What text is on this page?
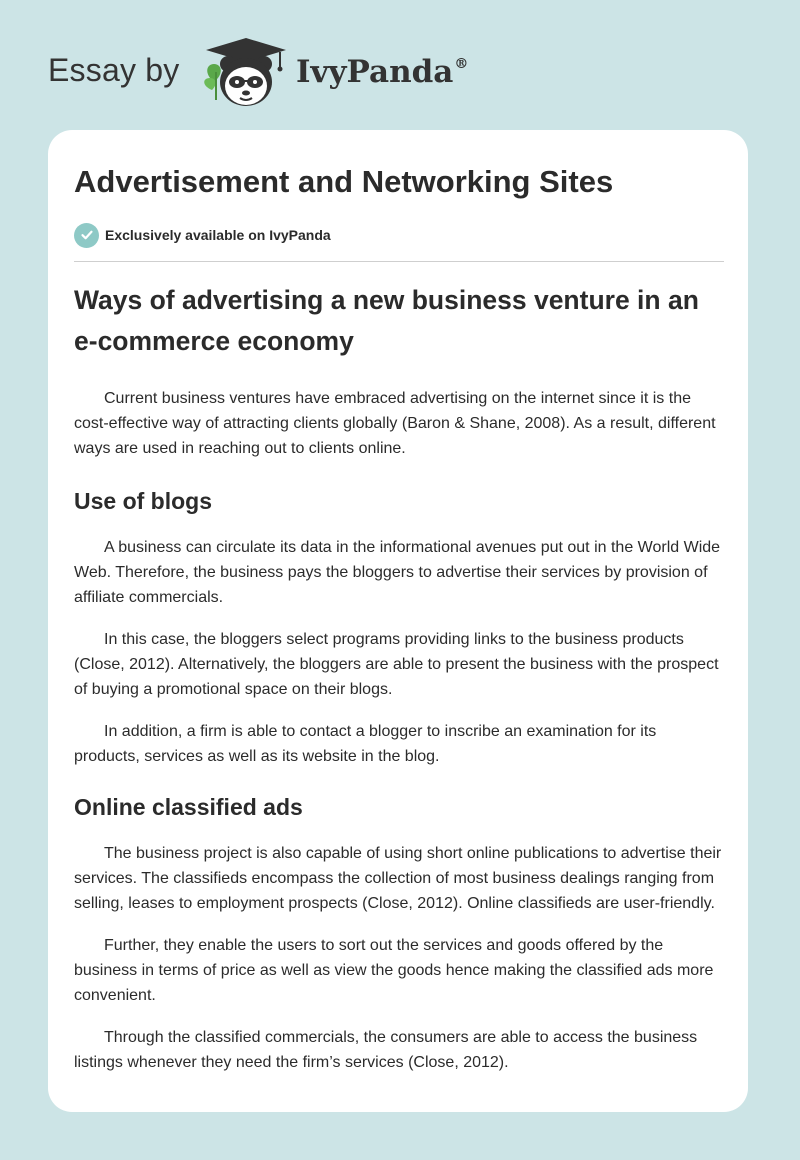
Essay by	IvyPanda®
Advertisement and Networking Sites
Exclusively available on IvyPanda
Ways of advertising a new business venture in an e-commerce economy

Current business ventures have embraced advertising on the internet since it is the cost-effective way of attracting clients globally (Baron & Shane, 2008). As a result, different ways are used in reaching out to clients online.

Use of blogs

A business can circulate its data in the informational avenues put out in the World Wide Web. Therefore, the business pays the bloggers to advertise their services by provision of affiliate commercials.

In this case, the bloggers select programs providing links to the business products (Close, 2012). Alternatively, the bloggers are able to present the business with the prospect of buying a promotional space on their blogs.

In addition, a firm is able to contact a blogger to inscribe an examination for its products, services as well as its website in the blog.

Online classified ads

The business project is also capable of using short online publications to advertise their services. The classifieds encompass the collection of most business dealings ranging from selling, leases to employment prospects (Close, 2012). Online classifieds are user-friendly.

Further, they enable the users to sort out the services and goods offered by the business in terms of price as well as view the goods hence making the classified ads more convenient.

Through the classified commercials, the consumers are able to access the business listings whenever they need the firm’s services (Close, 2012).
